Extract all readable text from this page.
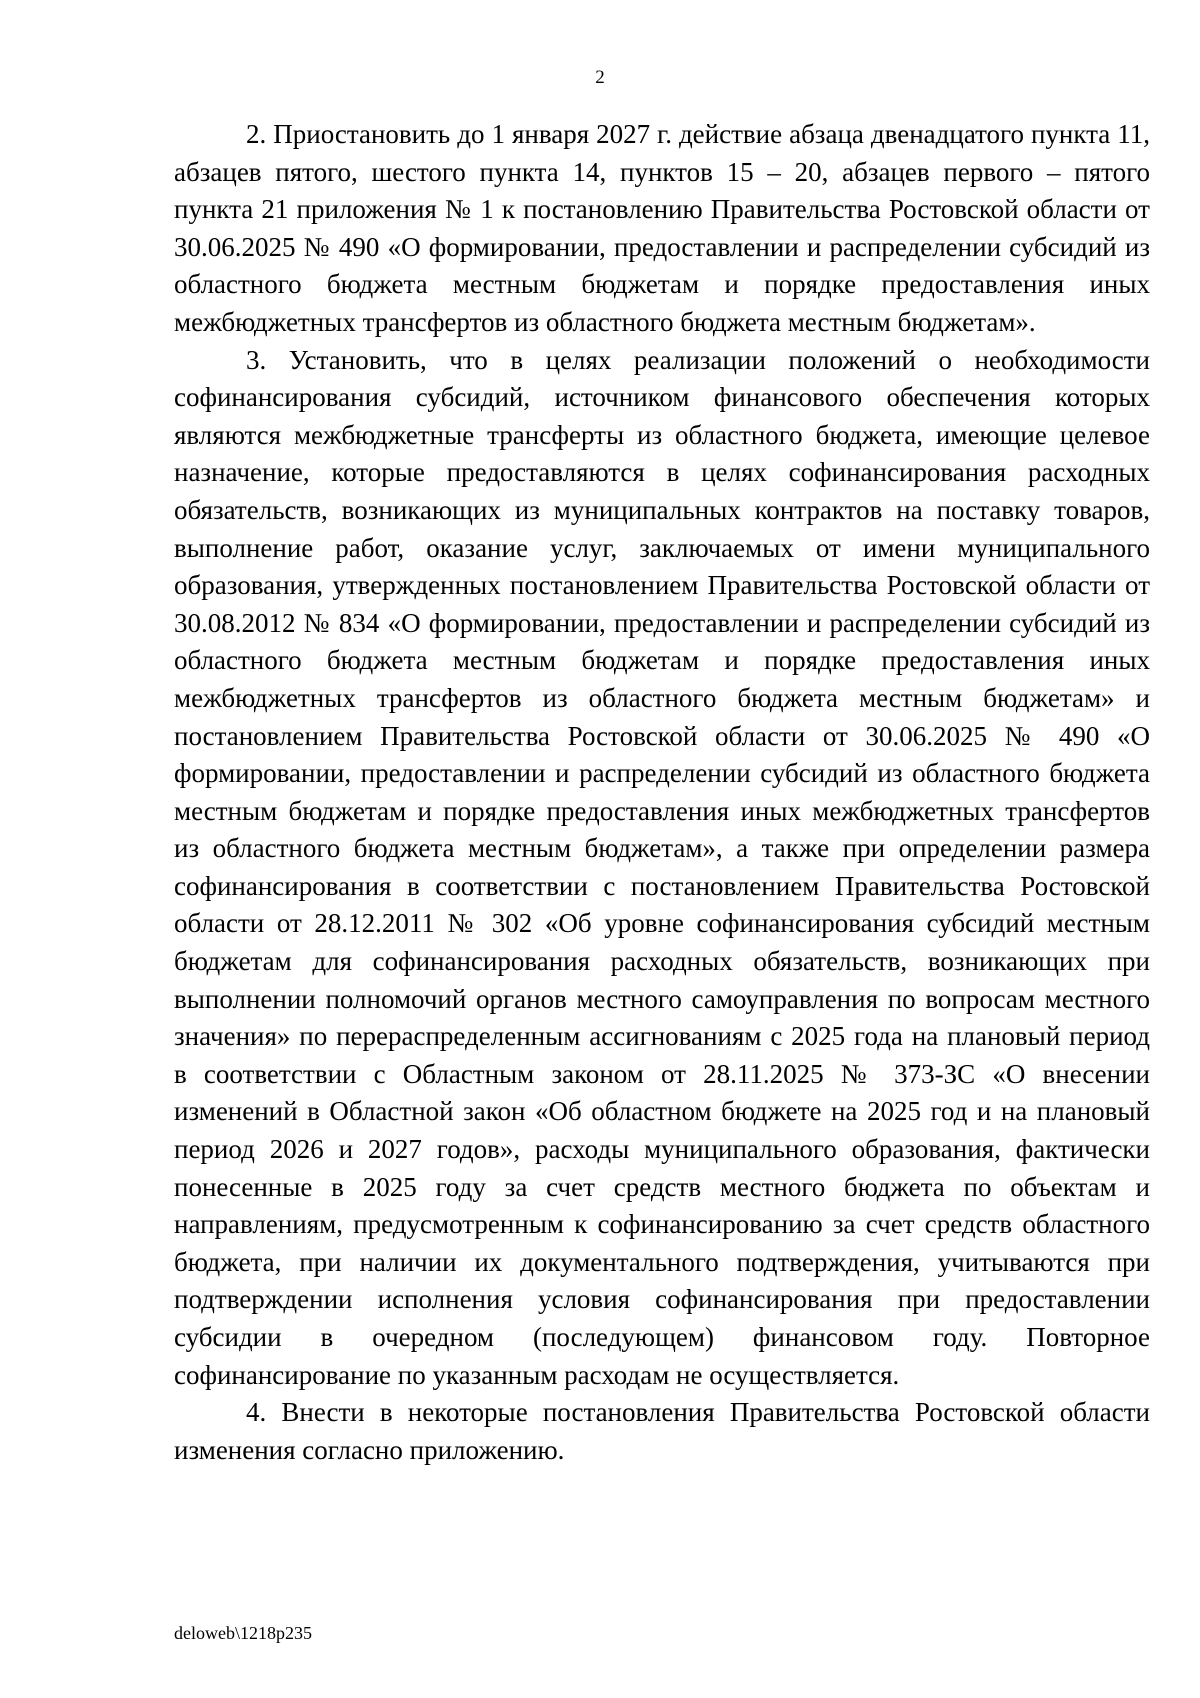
2

2. Приостановить до 1 января 2027 г. действие абзаца двенадцатого пункта 11, абзацев пятого, шестого пункта 14, пунктов 15 – 20, абзацев первого – пятого пункта 21 приложения № 1 к постановлению Правительства Ростовской области от 30.06.2025 № 490 «О формировании, предоставлении и распределении субсидий из областного бюджета местным бюджетам и порядке предоставления иных межбюджетных трансфертов из областного бюджета местным бюджетам».

3. Установить, что в целях реализации положений о необходимости софинансирования субсидий, источником финансового обеспечения которых являются межбюджетные трансферты из областного бюджета, имеющие целевое назначение, которые предоставляются в целях софинансирования расходных обязательств, возникающих из муниципальных контрактов на поставку товаров, выполнение работ, оказание услуг, заключаемых от имени муниципального образования, утвержденных постановлением Правительства Ростовской области от 30.08.2012 № 834 «О формировании, предоставлении и распределении субсидий из областного бюджета местным бюджетам и порядке предоставления иных межбюджетных трансфертов из областного бюджета местным бюджетам» и постановлением Правительства Ростовской области от 30.06.2025 № 490 «О формировании, предоставлении и распределении субсидий из областного бюджета местным бюджетам и порядке предоставления иных межбюджетных трансфертов из областного бюджета местным бюджетам», а также при определении размера софинансирования в соответствии с постановлением Правительства Ростовской области от 28.12.2011 № 302 «Об уровне софинансирования субсидий местным бюджетам для софинансирования расходных обязательств, возникающих при выполнении полномочий органов местного самоуправления по вопросам местного значения» по перераспределенным ассигнованиям с 2025 года на плановый период в соответствии с Областным законом от 28.11.2025 № 373-ЗС «О внесении изменений в Областной закон «Об областном бюджете на 2025 год и на плановый период 2026 и 2027 годов», расходы муниципального образования, фактически понесенные в 2025 году за счет средств местного бюджета по объектам и направлениям, предусмотренным к софинансированию за счет средств областного бюджета, при наличии их документального подтверждения, учитываются при подтверждении исполнения условия софинансирования при предоставлении субсидии в очередном (последующем) финансовом году. Повторное софинансирование по указанным расходам не осуществляется.

4. Внести в некоторые постановления Правительства Ростовской области изменения согласно приложению.

deloweb\1218p235
